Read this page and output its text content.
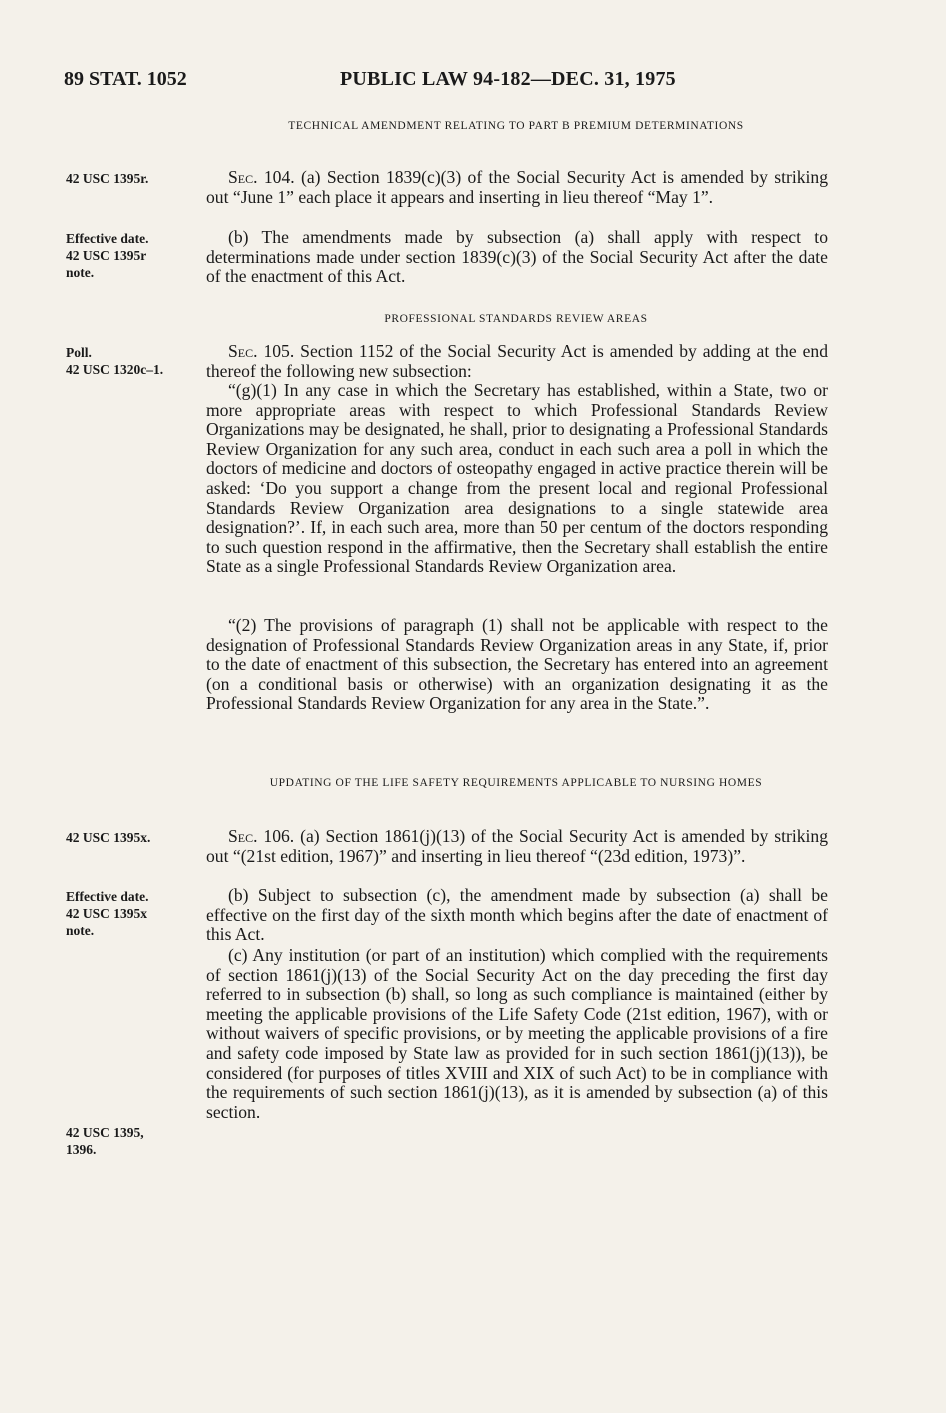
89 STAT. 1052	PUBLIC LAW 94-182—DEC. 31, 1975
TECHNICAL AMENDMENT RELATING TO PART B PREMIUM DETERMINATIONS
42 USC 1395r.	Sec. 104. (a) Section 1839(c)(3) of the Social Security Act is amended by striking out “June 1” each place it appears and inserting in lieu thereof “May 1”.

Effective date.
42 USC 1395r
note.

(b) The amendments made by subsection (a) shall apply with respect to determinations made under section 1839(c)(3) of the Social Security Act after the date of the enactment of this Act.

PROFESSIONAL STANDARDS REVIEW AREAS
Poll.
42 USC 1320c–1.

Sec. 105. Section 1152 of the Social Security Act is amended by adding at the end thereof the following new subsection:

“(g)(1) In any case in which the Secretary has established, within a State, two or more appropriate areas with respect to which Professional Standards Review Organizations may be designated, he shall, prior to designating a Professional Standards Review Organization for any such area, conduct in each such area a poll in which the doctors of medicine and doctors of osteopathy engaged in active practice therein will be asked: ‘Do you support a change from the present local and regional Professional Standards Review Organization area designations to a single statewide area designation?’. If, in each such area, more than 50 per centum of the doctors responding to such question respond in the affirmative, then the Secretary shall establish the entire State as a single Professional Standards Review Organization area.

“(2) The provisions of paragraph (1) shall not be applicable with respect to the designation of Professional Standards Review Organization areas in any State, if, prior to the date of enactment of this subsection, the Secretary has entered into an agreement (on a conditional basis or otherwise) with an organization designating it as the Professional Standards Review Organization for any area in the State.”.

UPDATING OF THE LIFE SAFETY REQUIREMENTS APPLICABLE TO NURSING HOMES
42 USC 1395x.	Sec. 106. (a) Section 1861(j)(13) of the Social Security Act is amended by striking out “(21st edition, 1967)” and inserting in lieu thereof “(23d edition, 1973)”.

Effective date.
42 USC 1395x
note.

(b) Subject to subsection (c), the amendment made by subsection (a) shall be effective on the first day of the sixth month which begins after the date of enactment of this Act.

(c) Any institution (or part of an institution) which complied with the requirements of section 1861(j)(13) of the Social Security Act on the day preceding the first day referred to in subsection (b) shall, so long as such compliance is maintained (either by meeting the applicable provisions of the Life Safety Code (21st edition, 1967), with or without waivers of specific provisions, or by meeting the applicable provisions of a fire and safety code imposed by State law as provided for in such section 1861(j)(13)), be considered (for purposes of titles XVIII and XIX of such Act) to be in compliance with the requirements of such section 1861(j)(13), as it is amended by subsection (a) of this section.

42 USC 1395,
1396.
